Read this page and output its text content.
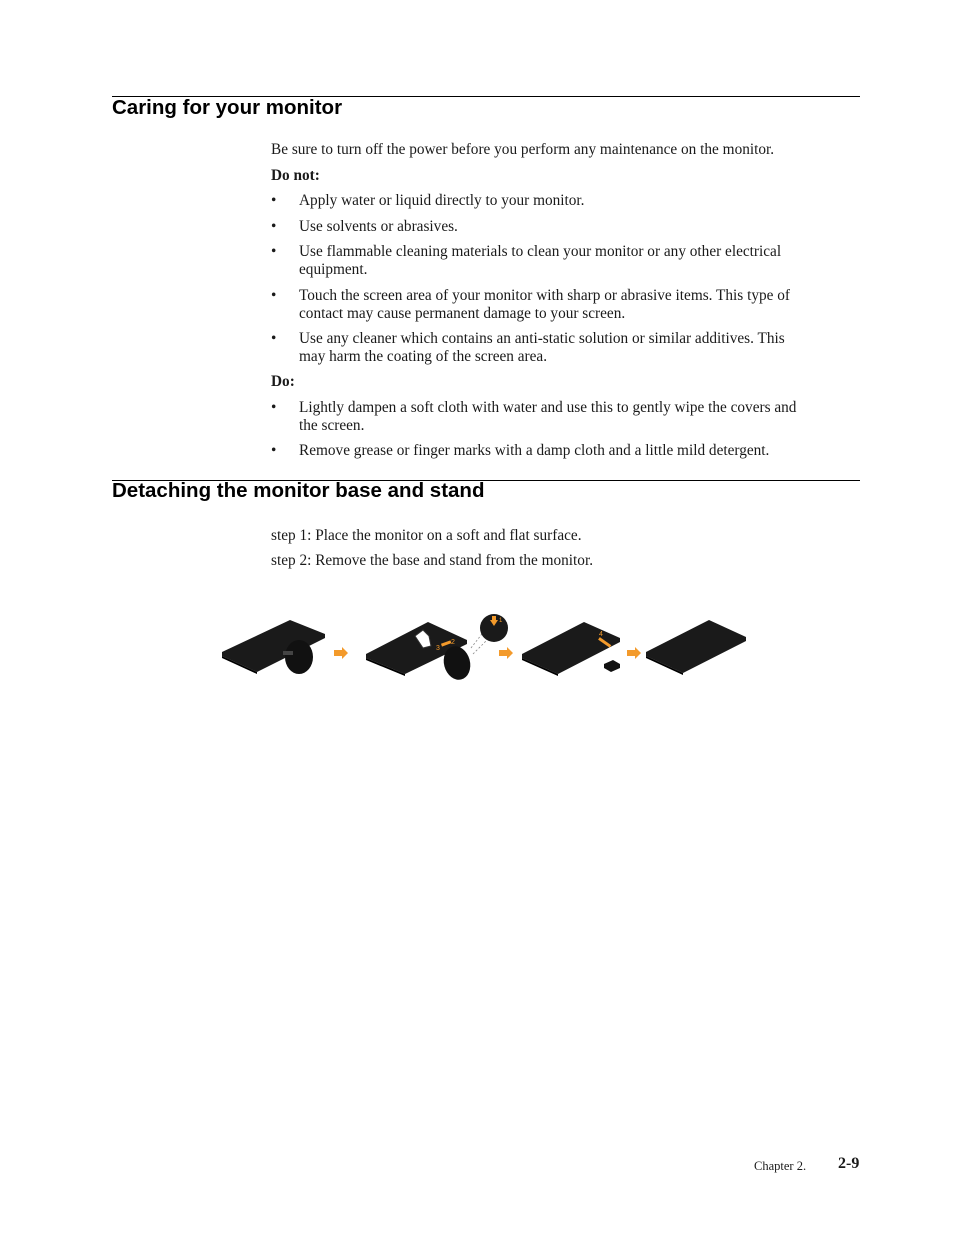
Caring for your monitor

Be sure to turn off the power before you perform any maintenance on the monitor.

Do not:

• Apply water or liquid directly to your monitor.
• Use solvents or abrasives.
• Use flammable cleaning materials to clean your monitor or any other electrical
equipment.
• Touch the screen area of your monitor with sharp or abrasive items. This type of
contact may cause permanent damage to your screen.
• Use any cleaner which contains an anti-static solution or similar additives. This
may harm the coating of the screen area.

Do:

• Lightly dampen a soft cloth with water and use this to gently wipe the covers and
the screen.
• Remove grease or finger marks with a damp cloth and a little mild detergent.
Detaching the monitor base and stand

step 1: Place the monitor on a soft and flat surface.

step 2: Remove the base and stand from the monitor.

3
2
1
4
Chapter 2. 2-9
